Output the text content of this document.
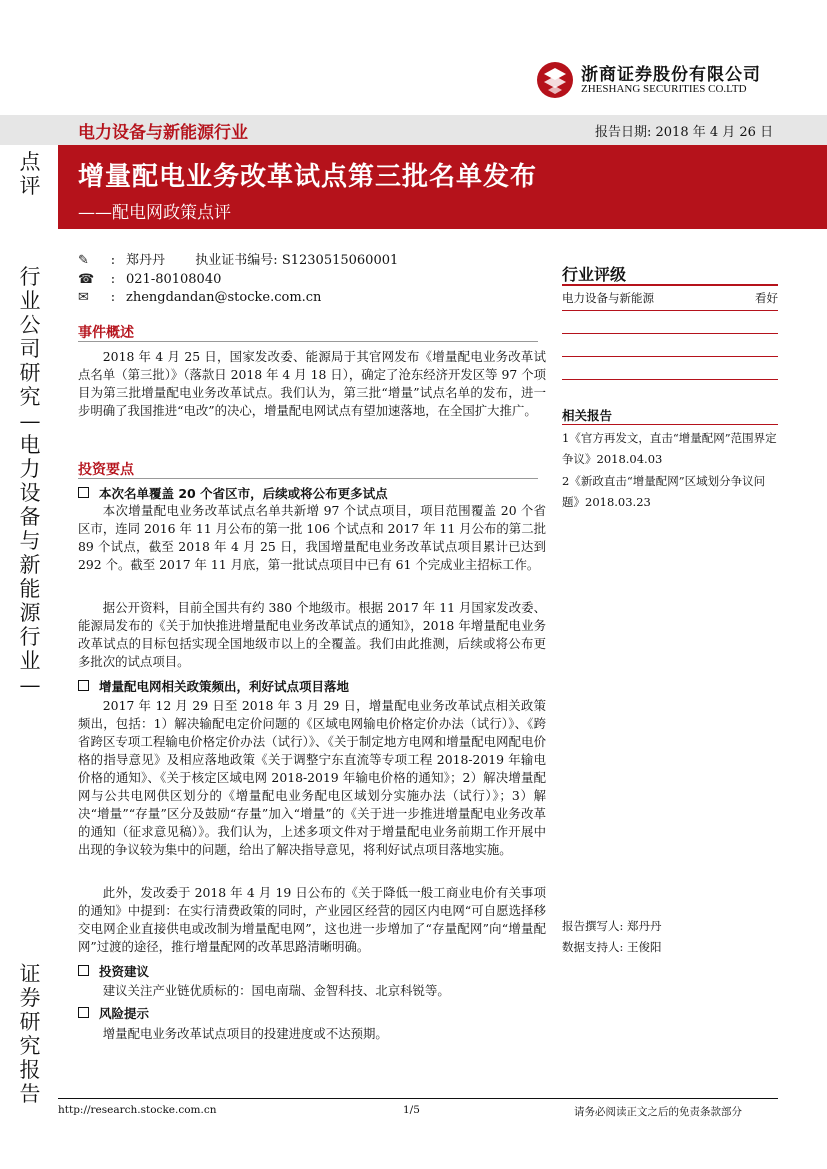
浙商证券股份有限公司
ZHESHANG SECURITIES CO.LTD
点评
行业公司研究—电力设备与新能源行业—
证券研究报告
电力设备与新能源行业	报告日期: 2018 年 4 月 26 日
增量配电业务改革试点第三批名单发布
——配电网政策点评
✎ : 郑丹丹 执业证书编号: S1230515060001
☎ : 021-80108040
✉ : zhengdandan@stocke.com.cn
事件概述
2018 年 4 月 25 日，国家发改委、能源局于其官网发布《增量配电业务改革试点名单（第三批）》（落款日 2018 年 4 月 18 日），确定了沧东经济开发区等 97 个项目为第三批增量配电业务改革试点。我们认为，第三批“增量”试点名单的发布，进一步明确了我国推进“电改”的决心，增量配电网试点有望加速落地，在全国扩大推广。
投资要点
本次名单覆盖 20 个省区市，后续或将公布更多试点
本次增量配电业务改革试点名单共新增 97 个试点项目，项目范围覆盖 20 个省区市，连同 2016 年 11 月公布的第一批 106 个试点和 2017 年 11 月公布的第二批 89 个试点，截至 2018 年 4 月 25 日，我国增量配电业务改革试点项目累计已达到 292 个。截至 2017 年 11 月底，第一批试点项目中已有 61 个完成业主招标工作。
据公开资料，目前全国共有约 380 个地级市。根据 2017 年 11 月国家发改委、能源局发布的《关于加快推进增量配电业务改革试点的通知》，2018 年增量配电业务改革试点的目标包括实现全国地级市以上的全覆盖。我们由此推测，后续或将公布更多批次的试点项目。
增量配电网相关政策频出，利好试点项目落地
2017 年 12 月 29 日至 2018 年 3 月 29 日，增量配电业务改革试点相关政策频出，包括：1）解决输配电定价问题的《区域电网输电价格定价办法（试行）》、《跨省跨区专项工程输电价格定价办法（试行）》、《关于制定地方电网和增量配电网配电价格的指导意见》及相应落地政策《关于调整宁东直流等专项工程 2018-2019 年输电价格的通知》、《关于核定区域电网 2018-2019 年输电价格的通知》；2）解决增量配网与公共电网供区划分的《增量配电业务配电区域划分实施办法（试行）》；3）解决“增量”“存量”区分及鼓励“存量”加入“增量”的《关于进一步推进增量配电业务改革的通知（征求意见稿）》。我们认为，上述多项文件对于增量配电业务前期工作开展中出现的争议较为集中的问题，给出了解决指导意见，将利好试点项目落地实施。
此外，发改委于 2018 年 4 月 19 日公布的《关于降低一般工商业电价有关事项的通知》中提到：在实行清费政策的同时，产业园区经营的园区内电网“可自愿选择移交电网企业直接供电或改制为增量配电网”，这也进一步增加了“存量配网”向“增量配网”过渡的途径，推行增量配网的改革思路清晰明确。
投资建议
建议关注产业链优质标的：国电南瑞、金智科技、北京科锐等。
风险提示
增量配电业务改革试点项目的投建进度或不达预期。
行业评级
电力设备与新能源	看好
相关报告
1《官方再发文，直击“增量配网”范围界定争议》2018.04.03
2《新政直击“增量配网”区域划分争议问题》2018.03.23
报告撰写人: 郑丹丹
数据支持人: 王俊阳
http://research.stocke.com.cn	1/5	请务必阅读正文之后的免责条款部分
